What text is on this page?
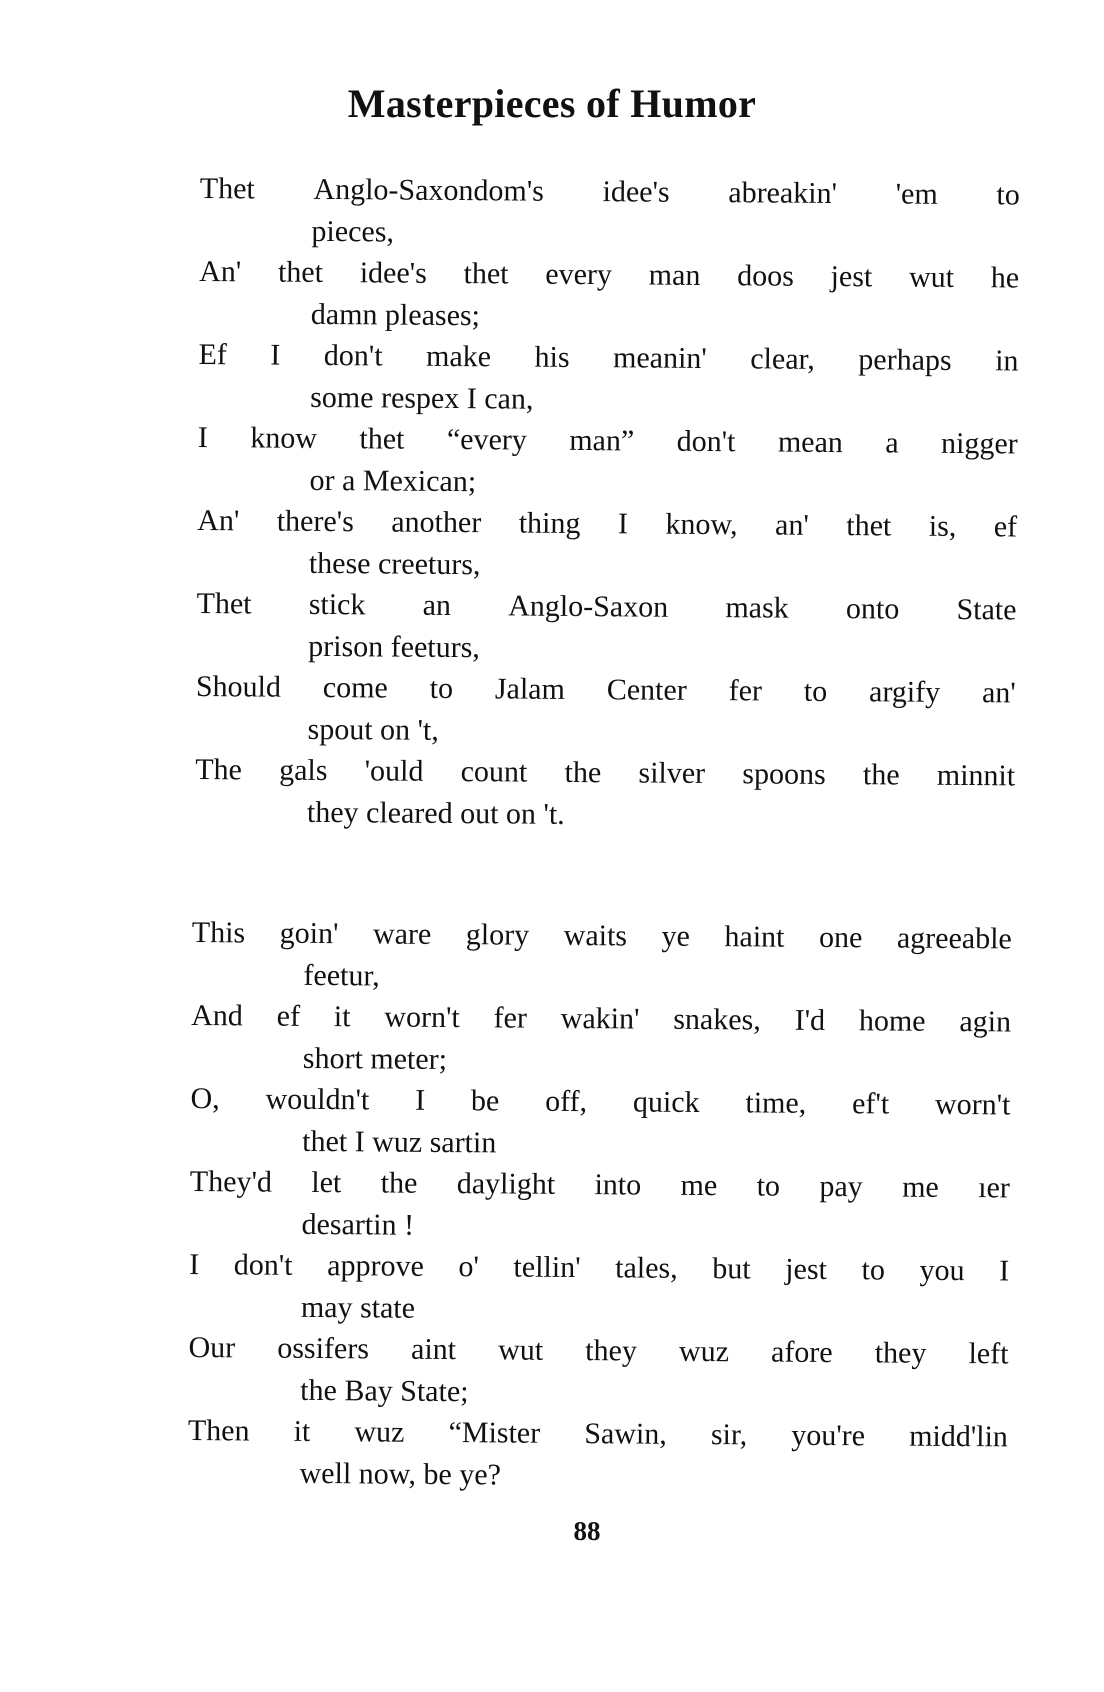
Masterpieces of Humor
Thet Anglo-Saxondom's idee's abreakin' 'em to
pieces,
An' thet idee's thet every man doos jest wut he
damn pleases;
Ef I don't make his meanin' clear, perhaps in
some respex I can,
I know thet “every man” don't mean a nigger
or a Mexican;
An' there's another thing I know, an' thet is, ef
these creeturs,
Thet stick an Anglo-Saxon mask onto State
prison feeturs,
Should come to Jalam Center fer to argify an'
spout on 't,
The gals 'ould count the silver spoons the minnit
they cleared out on 't.
This goin' ware glory waits ye haint one agreeable
feetur,
And ef it worn't fer wakin' snakes, I'd home agin
short meter;
O, wouldn't I be off, quick time, ef't worn't
thet I wuz sartin
They'd let the daylight into me to pay me ıer
desartin !
I don't approve o' tellin' tales, but jest to you I
may state
Our ossifers aint wut they wuz afore they left
the Bay State;
Then it wuz “Mister Sawin, sir, you're midd'lin
well now, be ye?
88
